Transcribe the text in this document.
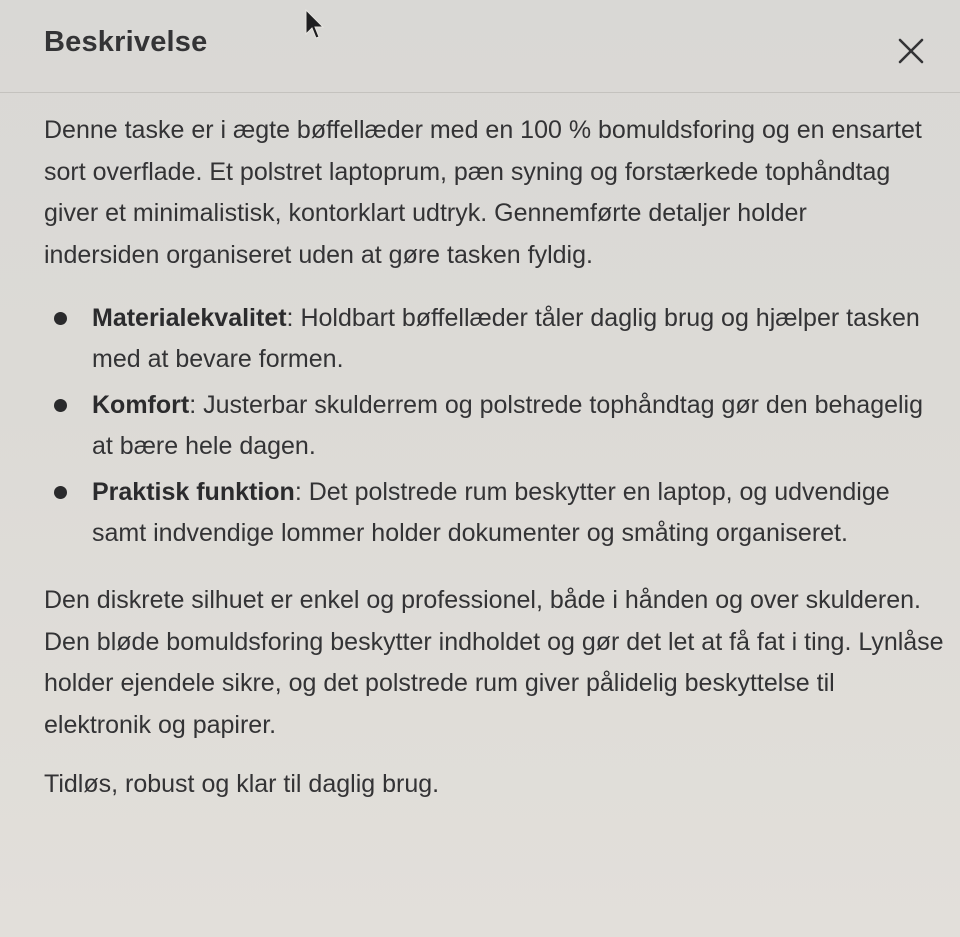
Beskrivelse

Denne taske er i ægte bøffellæder med en 100 % bomuldsforing og en ensartet sort overflade. Et polstret laptoprum, pæn syning og forstærkede tophåndtag giver et minimalistisk, kontorklart udtryk. Gennemførte detaljer holder indersiden organiseret uden at gøre tasken fyldig.

Materialekvalitet: Holdbart bøffellæder tåler daglig brug og hjælper tasken med at bevare formen.
Komfort: Justerbar skulderrem og polstrede tophåndtag gør den behagelig at bære hele dagen.
Praktisk funktion: Det polstrede rum beskytter en laptop, og udvendige samt indvendige lommer holder dokumenter og småting organiseret.

Den diskrete silhuet er enkel og professionel, både i hånden og over skulderen. Den bløde bomuldsforing beskytter indholdet og gør det let at få fat i ting. Lynlåse holder ejendele sikre, og det polstrede rum giver pålidelig beskyttelse til elektronik og papirer.

Tidløs, robust og klar til daglig brug.
